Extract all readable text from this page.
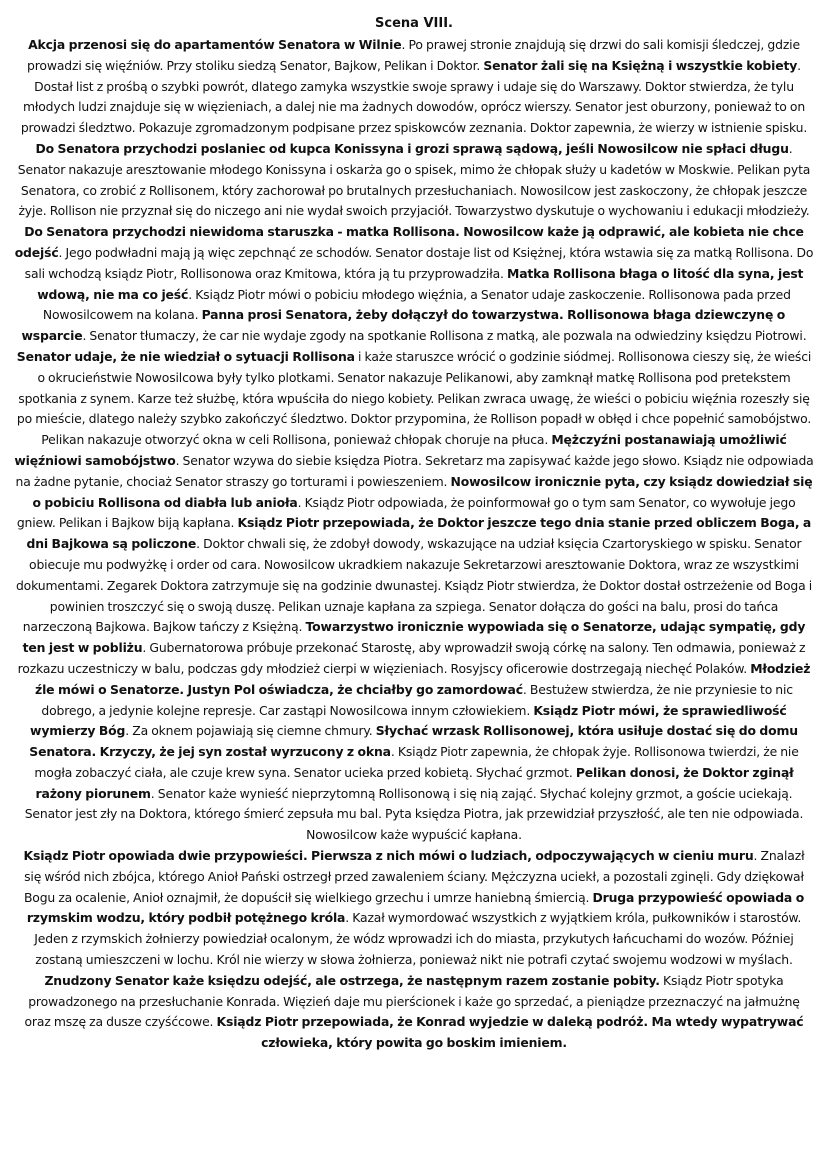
Scena VIII.

Akcja przenosi się do apartamentów Senatora w Wilnie. Po prawej stronie znajdują się drzwi do sali komisji śledczej, gdzie prowadzi się więźniów. Przy stoliku siedzą Senator, Bajkow, Pelikan i Doktor. Senator żali się na Księżną i wszystkie kobiety. Dostał list z prośbą o szybki powrót, dlatego zamyka wszystkie swoje sprawy i udaje się do Warszawy. Doktor stwierdza, że tylu młodych ludzi znajduje się w więzieniach, a dalej nie ma żadnych dowodów, oprócz wierszy. Senator jest oburzony, ponieważ to on prowadzi śledztwo. Pokazuje zgromadzonym podpisane przez spiskowców zeznania. Doktor zapewnia, że wierzy w istnienie spisku. Do Senatora przychodzi poslaniec od kupca Konissyna i grozi sprawą sądową, jeśli Nowosilcow nie spłaci długu. Senator nakazuje aresztowanie młodego Konissyna i oskarża go o spisek, mimo że chłopak służy u kadetów w Moskwie. Pelikan pyta Senatora, co zrobić z Rollisonem, który zachorował po brutalnych przesłuchaniach. Nowosilcow jest zaskoczony, że chłopak jeszcze żyje. Rollison nie przyznał się do niczego ani nie wydał swoich przyjaciół. Towarzystwo dyskutuje o wychowaniu i edukacji młodzieży. Do Senatora przychodzi niewidoma staruszka - matka Rollisona. Nowosilcow każe ją odprawić, ale kobieta nie chce odejść. Jego podwładni mają ją więc zepchnąć ze schodów. Senator dostaje list od Księżnej, która wstawia się za matką Rollisona. Do sali wchodzą ksiądz Piotr, Rollisonowa oraz Kmitowa, która ją tu przyprowadziła. Matka Rollisona błaga o litość dla syna, jest wdową, nie ma co jeść. Ksiądz Piotr mówi o pobiciu młodego więźnia, a Senator udaje zaskoczenie. Rollisonowa pada przed Nowosilcowem na kolana. Panna prosi Senatora, żeby dołączył do towarzystwa. Rollisonowa błaga dziewczynę o wsparcie. Senator tłumaczy, że car nie wydaje zgody na spotkanie Rollisona z matką, ale pozwala na odwiedziny księdzu Piotrowi. Senator udaje, że nie wiedział o sytuacji Rollisona i każe staruszce wrócić o godzinie siódmej. Rollisonowa cieszy się, że wieści o okrucieństwie Nowosilcowa były tylko plotkami. Senator nakazuje Pelikanowi, aby zamknął matkę Rollisona pod pretekstem spotkania z synem. Karze też służbę, która wpuściła do niego kobiety. Pelikan zwraca uwagę, że wieści o pobiciu więźnia rozeszły się po mieście, dlatego należy szybko zakończyć śledztwo. Doktor przypomina, że Rollison popadł w obłęd i chce popełnić samobójstwo. Pelikan nakazuje otworzyć okna w celi Rollisona, ponieważ chłopak choruje na płuca. Mężczyźni postanawiają umożliwić więźniowi samobójstwo. Senator wzywa do siebie księdza Piotra. Sekretarz ma zapisywać każde jego słowo. Ksiądz nie odpowiada na żadne pytanie, chociaż Senator straszy go torturami i powieszeniem. Nowosilcow ironicznie pyta, czy ksiądz dowiedział się o pobiciu Rollisona od diabła lub anioła. Ksiądz Piotr odpowiada, że poinformował go o tym sam Senator, co wywołuje jego gniew. Pelikan i Bajkow biją kapłana. Ksiądz Piotr przepowiada, że Doktor jeszcze tego dnia stanie przed obliczem Boga, a dni Bajkowa są policzone. Doktor chwali się, że zdobył dowody, wskazujące na udział księcia Czartoryskiego w spisku. Senator obiecuje mu podwyżkę i order od cara. Nowosilcow ukradkiem nakazuje Sekretarzowi aresztowanie Doktora, wraz ze wszystkimi dokumentami. Zegarek Doktora zatrzymuje się na godzinie dwunastej. Ksiądz Piotr stwierdza, że Doktor dostał ostrzeżenie od Boga i powinien troszczyć się o swoją duszę. Pelikan uznaje kapłana za szpiega. Senator dołącza do gości na balu, prosi do tańca narzeczoną Bajkowa. Bajkow tańczy z Księżną. Towarzystwo ironicznie wypowiada się o Senatorze, udając sympatię, gdy ten jest w pobliżu. Gubernatorowa próbuje przekonać Starostę, aby wprowadził swoją córkę na salony. Ten odmawia, ponieważ z rozkazu uczestniczy w balu, podczas gdy młodzież cierpi w więzieniach. Rosyjscy oficerowie dostrzegają niechęć Polaków. Młodzież źle mówi o Senatorze. Justyn Pol oświadcza, że chciałby go zamordować. Bestużew stwierdza, że nie przyniesie to nic dobrego, a jedynie kolejne represje. Car zastąpi Nowosilcowa innym człowiekiem. Ksiądz Piotr mówi, że sprawiedliwość wymierzy Bóg. Za oknem pojawiają się ciemne chmury. Słychać wrzask Rollisonowej, która usiłuje dostać się do domu Senatora. Krzyczy, że jej syn został wyrzucony z okna. Ksiądz Piotr zapewnia, że chłopak żyje. Rollisonowa twierdzi, że nie mogła zobaczyć ciała, ale czuje krew syna. Senator ucieka przed kobietą. Słychać grzmot. Pelikan donosi, że Doktor zginął rażony piorunem. Senator każe wynieść nieprzytomną Rollisonową i się nią zająć. Słychać kolejny grzmot, a goście uciekają. Senator jest zły na Doktora, którego śmierć zepsuła mu bal. Pyta księdza Piotra, jak przewidział przyszłość, ale ten nie odpowiada. Nowosilcow każe wypuścić kapłana.

Ksiądz Piotr opowiada dwie przypowieści. Pierwsza z nich mówi o ludziach, odpoczywających w cieniu muru. Znalazł się wśród nich zbójca, którego Anioł Pański ostrzegł przed zawaleniem ściany. Mężczyzna uciekł, a pozostali zginęli. Gdy dziękował Bogu za ocalenie, Anioł oznajmił, że dopuścił się wielkiego grzechu i umrze haniebną śmiercią. Druga przypowieść opowiada o rzymskim wodzu, który podbił potężnego króla. Kazał wymordować wszystkich z wyjątkiem króla, pułkowników i starostów. Jeden z rzymskich żołnierzy powiedział ocalonym, że wódz wprowadzi ich do miasta, przykutych łańcuchami do wozów. Później zostaną umieszczeni w lochu. Król nie wierzy w słowa żołnierza, ponieważ nikt nie potrafi czytać swojemu wodzowi w myślach.

Znudzony Senator każe księdzu odejść, ale ostrzega, że następnym razem zostanie pobity. Ksiądz Piotr spotyka prowadzonego na przesłuchanie Konrada. Więzień daje mu pierścionek i każe go sprzedać, a pieniądze przeznaczyć na jałmużnę oraz mszę za dusze czyśćcowe. Ksiądz Piotr przepowiada, że Konrad wyjedzie w daleką podróż. Ma wtedy wypatrywać człowieka, który powita go boskim imieniem.
